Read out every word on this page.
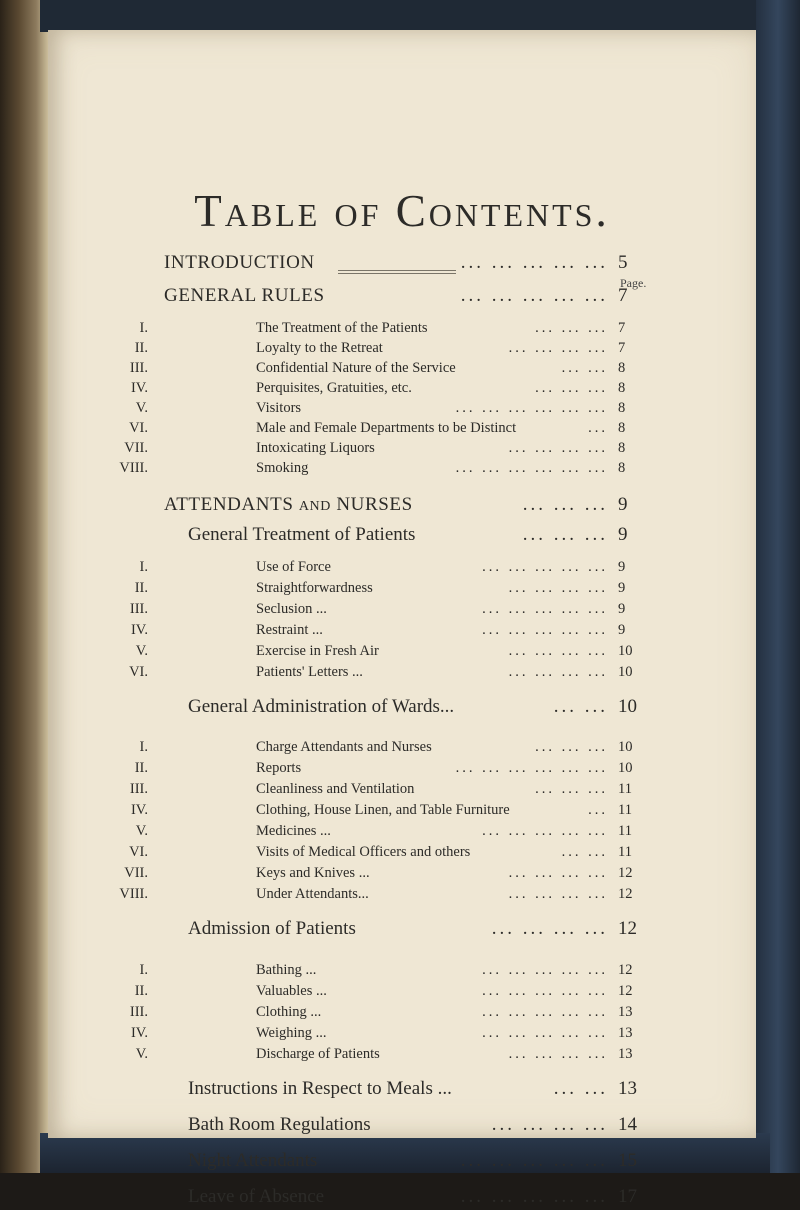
Table of Contents.
Page.
INTRODUCTION	... ... ... ... ... 5
GENERAL RULES	... ... ... ... ... 7
I.	The Treatment of the Patients	... ... ... 7
II.	Loyalty to the Retreat	... ... ... ... 7
III.	Confidential Nature of the Service	... ... 8
IV.	Perquisites, Gratuities, etc.	... ... ... 8
V.	Visitors	... ... ... ... ... ... 8
VI.	Male and Female Departments to be Distinct	... 8
VII.	Intoxicating Liquors	... ... ... ... 8
VIII.	Smoking	... ... ... ... ... ... 8
ATTENDANTS AND NURSES	... ... ... 9
General Treatment of Patients	... ... ... 9
I.	Use of Force	... ... ... ... ... 9
II.	Straightforwardness	... ... ... ... 9
III.	Seclusion ...	... ... ... ... ... 9
IV.	Restraint ...	... ... ... ... ... 9
V.	Exercise in Fresh Air	... ... ... ... 10
VI.	Patients' Letters ...	... ... ... ... 10
General Administration of Wards...	... ... 10
I.	Charge Attendants and Nurses	... ... ... 10
II.	Reports	... ... ... ... ... ... 10
III.	Cleanliness and Ventilation	... ... ... 11
IV.	Clothing, House Linen, and Table Furniture	... 11
V.	Medicines ...	... ... ... ... ... 11
VI.	Visits of Medical Officers and others	... ... 11
VII.	Keys and Knives ...	... ... ... ... 12
VIII.	Under Attendants...	... ... ... ... 12
Admission of Patients	... ... ... ... 12
I.	Bathing ...	... ... ... ... ... 12
II.	Valuables ...	... ... ... ... ... 12
III.	Clothing ...	... ... ... ... ... 13
IV.	Weighing ...	... ... ... ... ... 13
V.	Discharge of Patients	... ... ... ... 13
Instructions in Respect to Meals ...	... ... 13
Bath Room Regulations	... ... ... ... 14
Night Attendants	... ... ... ... ... 15
Leave of Absence	... ... ... ... ... 17
